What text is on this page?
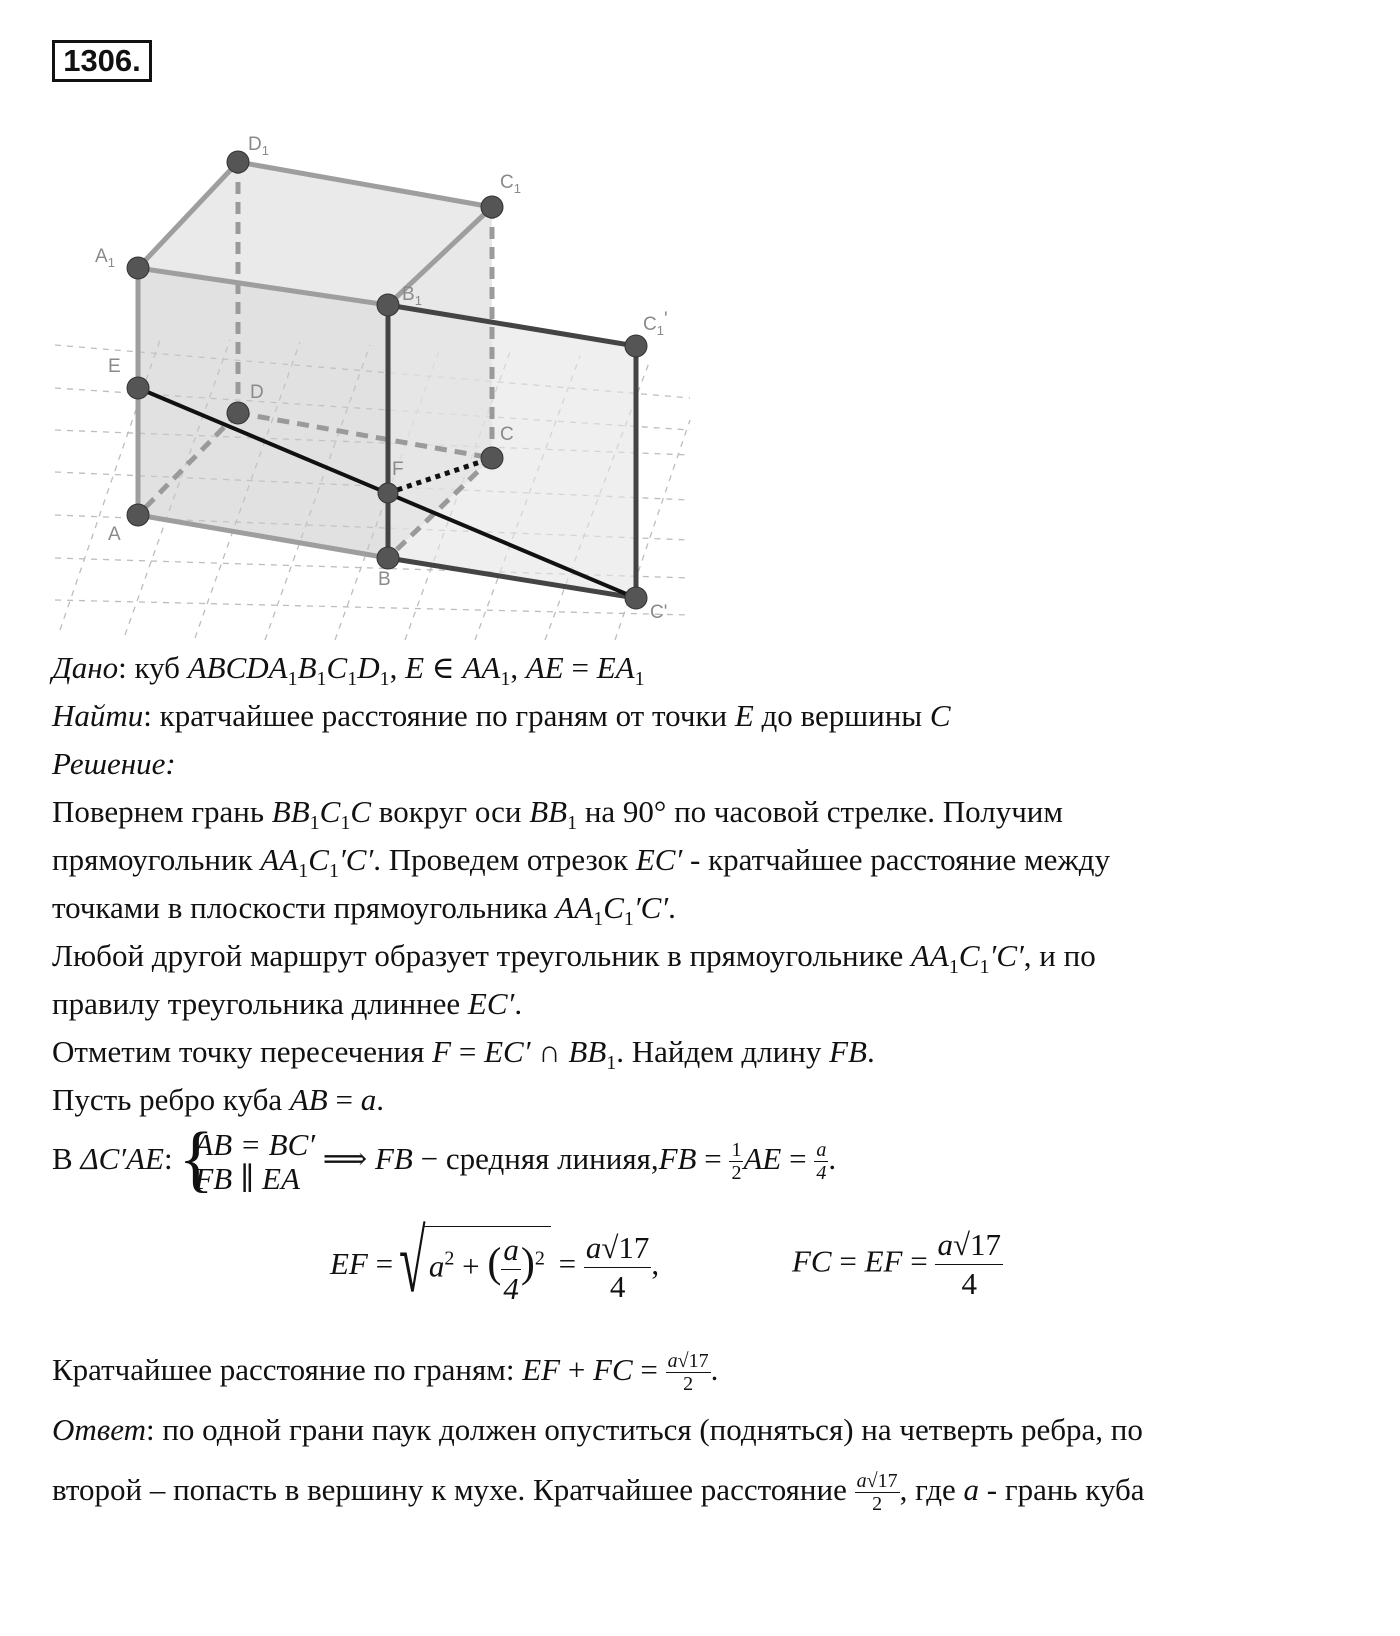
1306.
$D_1$
$C_1$
$A_1$
$B_1$
$C_1'$
E
D
C
F
A
B
C'
Дано: куб $ABCDA_1B_1C_1D_1$, E ∈ $AA_1$, AE = $EA_1$
Найти: кратчайшее расстояние по граням от точки E до вершины C
Решение:
Повернем грань $BB_1C_1C$ вокруг оси $BB_1$ на 90° по часовой стрелке. Получим
прямоугольник $AA_1C_1'C'$. Проведем отрезок EC′ - кратчайшее расстояние между
точками в плоскости прямоугольника $AA_1C_1'C'$.
Любой другой маршрут образует треугольник в прямоугольнике $AA_1C_1'C'$, и по
правилу треугольника длиннее EC′.
Отметим точку пересечения F = EC′ ∩ $BB_1$. Найдем длину FB.
Пусть ребро куба AB = a.
В ΔC′AE:
{
AB = BC′
FB ∥ EA
⟹ FB − средняя линияя,FB = $\frac{1}{2}$ AE = $\frac{a}{4}$ .
EF =
√ $a^2$ + ( $\frac{a}{4} )^2 = \frac{a√17}{4}$ ,	FC = EF = $\frac{a√17}{4}$
Кратчайшее расстояние по граням: EF + FC = $\frac{a√17}{2}$ .
Ответ: по одной грани паук должен опуститься (подняться) на четверть ребра, по
второй – попасть в вершину к мухе. Кратчайшее расстояние $\frac{a√17}{2}$ , где a - грань куба
